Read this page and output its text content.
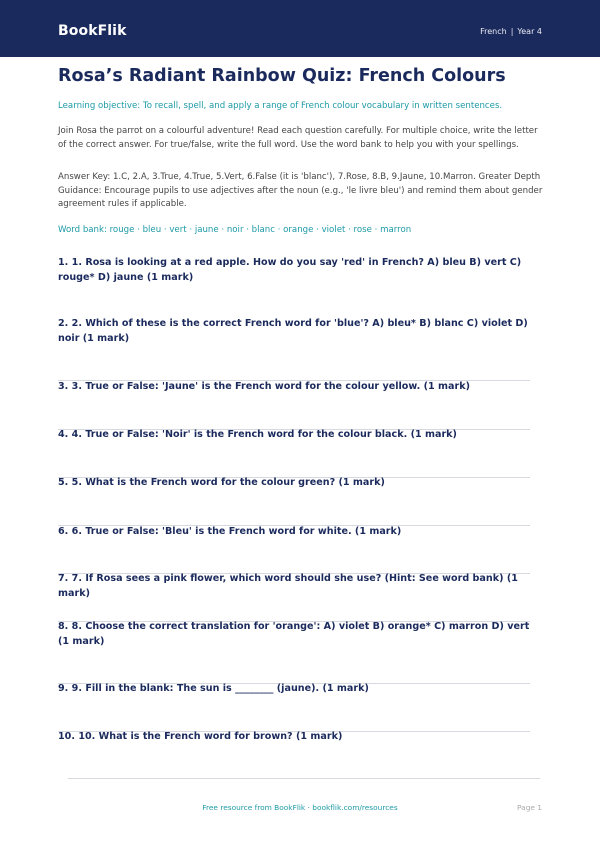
BookFlik	French | Year 4
Rosa’s Radiant Rainbow Quiz: French Colours
Learning objective: To recall, spell, and apply a range of French colour vocabulary in written sentences.
Join Rosa the parrot on a colourful adventure! Read each question carefully. For multiple choice, write the letter of the correct answer. For true/false, write the full word. Use the word bank to help you with your spellings.
Answer Key: 1.C, 2.A, 3.True, 4.True, 5.Vert, 6.False (it is 'blanc'), 7.Rose, 8.B, 9.Jaune, 10.Marron. Greater Depth Guidance: Encourage pupils to use adjectives after the noun (e.g., 'le livre bleu') and remind them about gender agreement rules if applicable.
Word bank: rouge · bleu · vert · jaune · noir · blanc · orange · violet · rose · marron
1. 1. Rosa is looking at a red apple. How do you say 'red' in French? A) bleu B) vert C) rouge* D) jaune (1 mark)
2. 2. Which of these is the correct French word for 'blue'? A) bleu* B) blanc C) violet D) noir (1 mark)
3. 3. True or False: 'Jaune' is the French word for the colour yellow. (1 mark)
4. 4. True or False: 'Noir' is the French word for the colour black. (1 mark)
5. 5. What is the French word for the colour green? (1 mark)
6. 6. True or False: 'Bleu' is the French word for white. (1 mark)
7. 7. If Rosa sees a pink flower, which word should she use? (Hint: See word bank) (1 mark)
8. 8. Choose the correct translation for 'orange': A) violet B) orange* C) marron D) vert (1 mark)
9. 9. Fill in the blank: The sun is ________ (jaune). (1 mark)
10. 10. What is the French word for brown? (1 mark)
Free resource from BookFlik · bookflik.com/resources	Page 1
